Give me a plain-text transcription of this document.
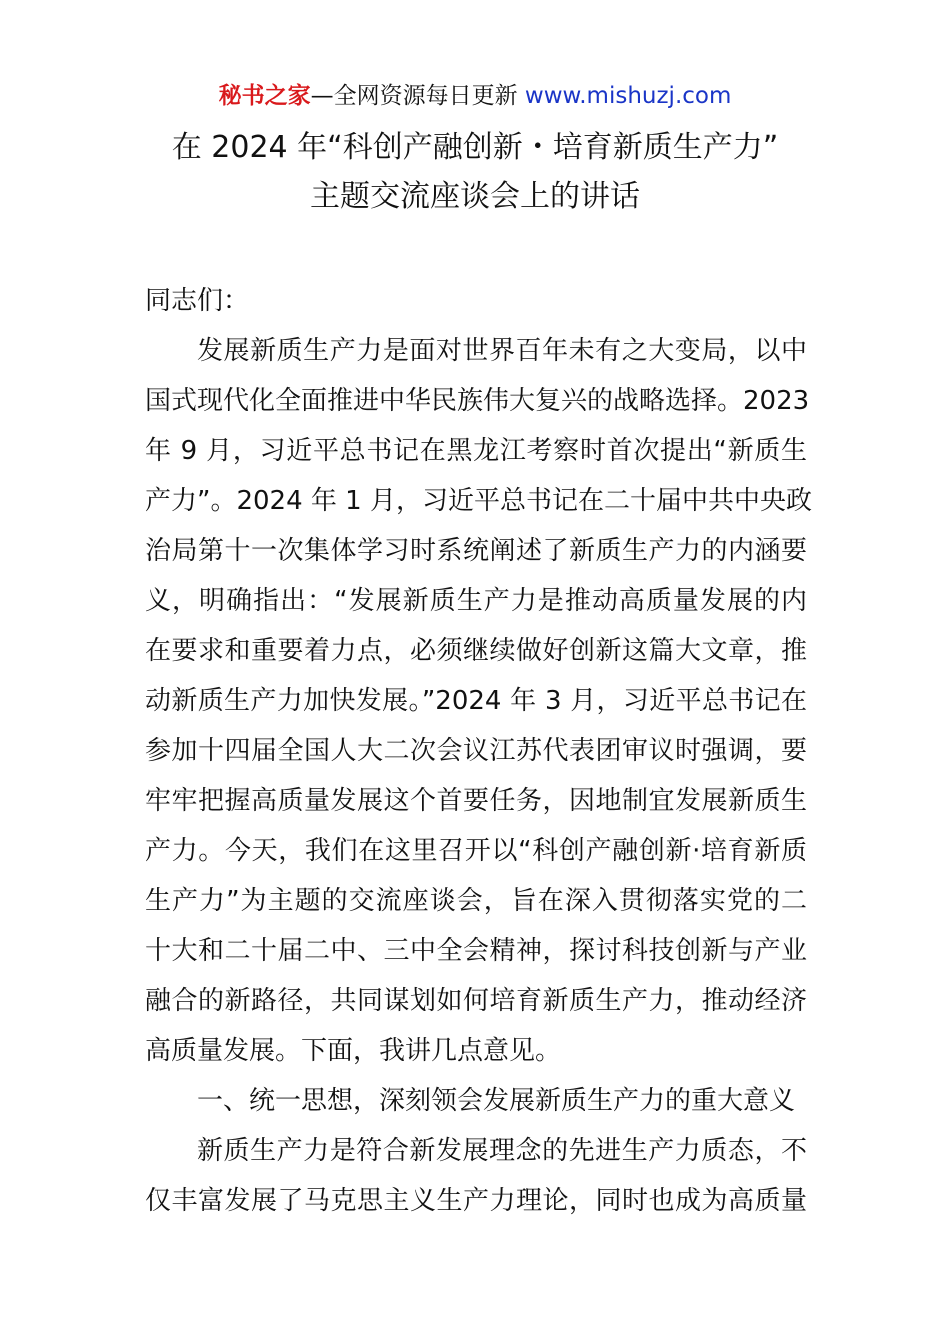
秘书之家—全网资源每日更新 www.mishuzj.com
在 2024 年“科创产融创新・培育新质生产力”
主题交流座谈会上的讲话
同志们：
发展新质生产力是面对世界百年未有之大变局，以中
国式现代化全面推进中华民族伟大复兴的战略选择。2023
年 9 月，习近平总书记在黑龙江考察时首次提出“新质生
产力”。2024 年 1 月，习近平总书记在二十届中共中央政
治局第十一次集体学习时系统阐述了新质生产力的内涵要
义，明确指出：“发展新质生产力是推动高质量发展的内
在要求和重要着力点，必须继续做好创新这篇大文章，推
动新质生产力加快发展。”2024 年 3 月，习近平总书记在
参加十四届全国人大二次会议江苏代表团审议时强调，要
牢牢把握高质量发展这个首要任务，因地制宜发展新质生
产力。今天，我们在这里召开以“科创产融创新·培育新质
生产力”为主题的交流座谈会，旨在深入贯彻落实党的二
十大和二十届二中、三中全会精神，探讨科技创新与产业
融合的新路径，共同谋划如何培育新质生产力，推动经济
高质量发展。下面，我讲几点意见。
一、统一思想，深刻领会发展新质生产力的重大意义
新质生产力是符合新发展理念的先进生产力质态，不
仅丰富发展了马克思主义生产力理论，同时也成为高质量
